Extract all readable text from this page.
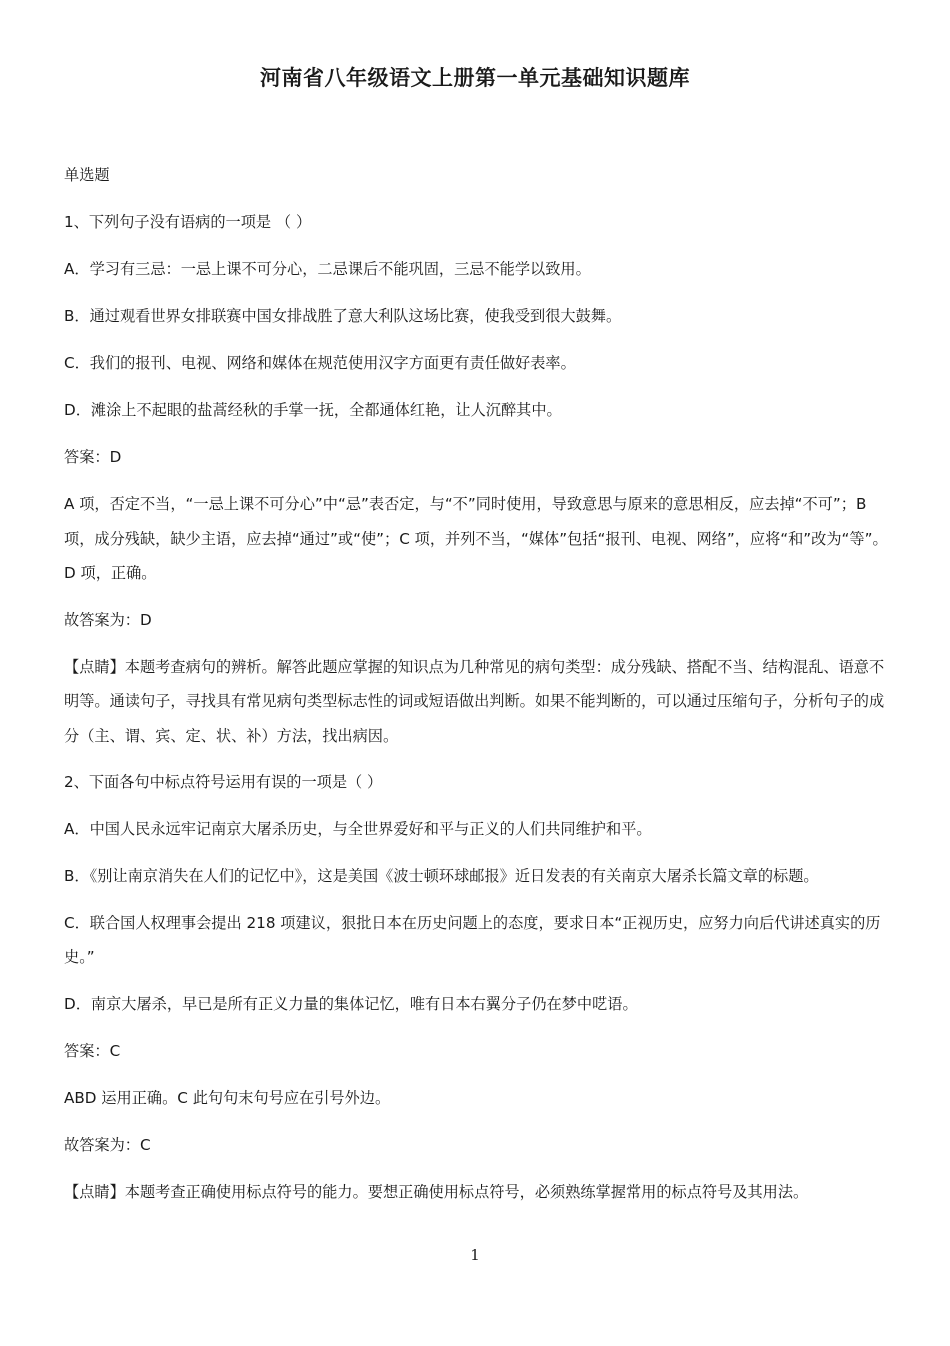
河南省八年级语文上册第一单元基础知识题库

单选题

1、下列句子没有语病的一项是 （ ）

A．学习有三忌：一忌上课不可分心，二忌课后不能巩固，三忌不能学以致用。

B．通过观看世界女排联赛中国女排战胜了意大利队这场比赛，使我受到很大鼓舞。

C．我们的报刊、电视、网络和媒体在规范使用汉字方面更有责任做好表率。

D．滩涂上不起眼的盐蒿经秋的手掌一抚，全都通体红艳，让人沉醉其中。

答案：D

A 项，否定不当，“一忌上课不可分心”中“忌”表否定，与“不”同时使用，导致意思与原来的意思相反，应去掉“不可”；B 项，成分残缺，缺少主语，应去掉“通过”或“使”；C 项，并列不当，“媒体”包括“报刊、电视、网络”，应将“和”改为“等”。D 项，正确。

故答案为：D

【点睛】本题考查病句的辨析。解答此题应掌握的知识点为几种常见的病句类型：成分残缺、搭配不当、结构混乱、语意不明等。通读句子，寻找具有常见病句类型标志性的词或短语做出判断。如果不能判断的，可以通过压缩句子，分析句子的成分（主、谓、宾、定、状、补）方法，找出病因。

2、下面各句中标点符号运用有误的一项是（ ）

A．中国人民永远牢记南京大屠杀历史，与全世界爱好和平与正义的人们共同维护和平。

B．《别让南京消失在人们的记忆中》，这是美国《波士顿环球邮报》近日发表的有关南京大屠杀长篇文章的标题。

C．联合国人权理事会提出 218 项建议，狠批日本在历史问题上的态度，要求日本“正视历史，应努力向后代讲述真实的历史。”

D．南京大屠杀，早已是所有正义力量的集体记忆，唯有日本右翼分子仍在梦中呓语。

答案：C

ABD 运用正确。C 此句句末句号应在引号外边。

故答案为：C

【点睛】本题考查正确使用标点符号的能力。要想正确使用标点符号，必须熟练掌握常用的标点符号及其用法。

1
